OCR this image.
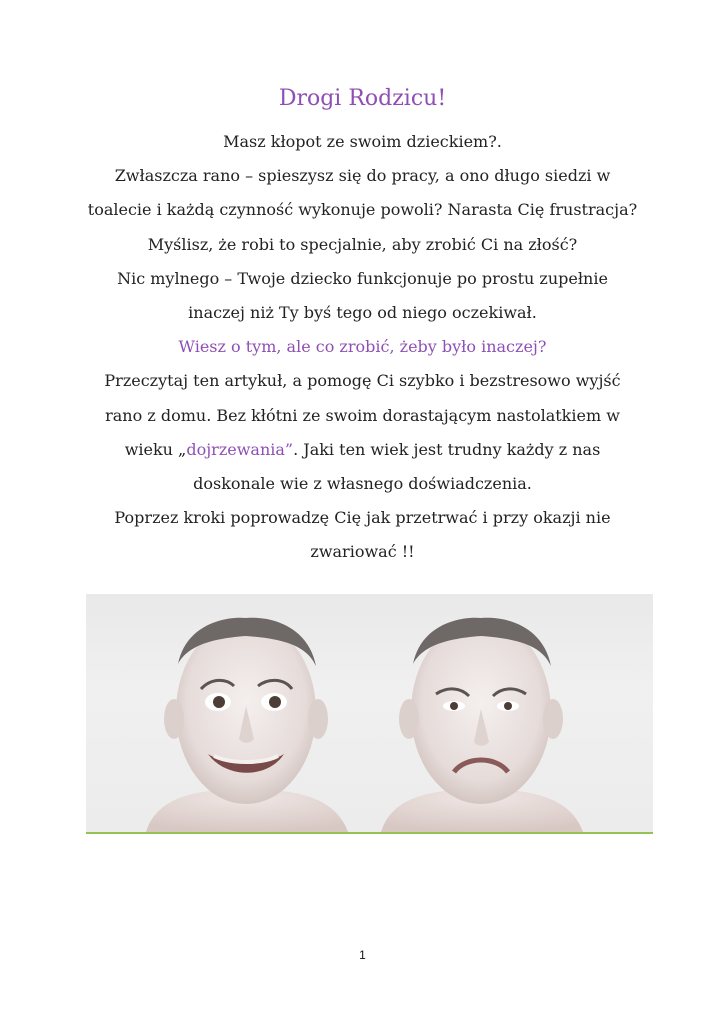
Drogi Rodzicu!
Masz kłopot ze swoim dzieckiem?.
Zwłaszcza rano – spieszysz się do pracy, a ono długo siedzi w
toalecie i każdą czynność wykonuje powoli? Narasta Cię frustracja?
Myślisz, że robi to specjalnie, aby zrobić Ci na złość?
Nic mylnego – Twoje dziecko funkcjonuje po prostu zupełnie
inaczej niż Ty byś tego od niego oczekiwał.
Wiesz o tym, ale co zrobić, żeby było inaczej?
Przeczytaj ten artykuł, a pomogę Ci szybko i bezstresowo wyjść
rano z domu. Bez kłótni ze swoim dorastającym nastolatkiem w
wieku „dojrzewania”. Jaki ten wiek jest trudny każdy z nas
doskonale wie z własnego doświadczenia.
Poprzez kroki poprowadzę Cię jak przetrwać i przy okazji nie
zwariować !!
1
